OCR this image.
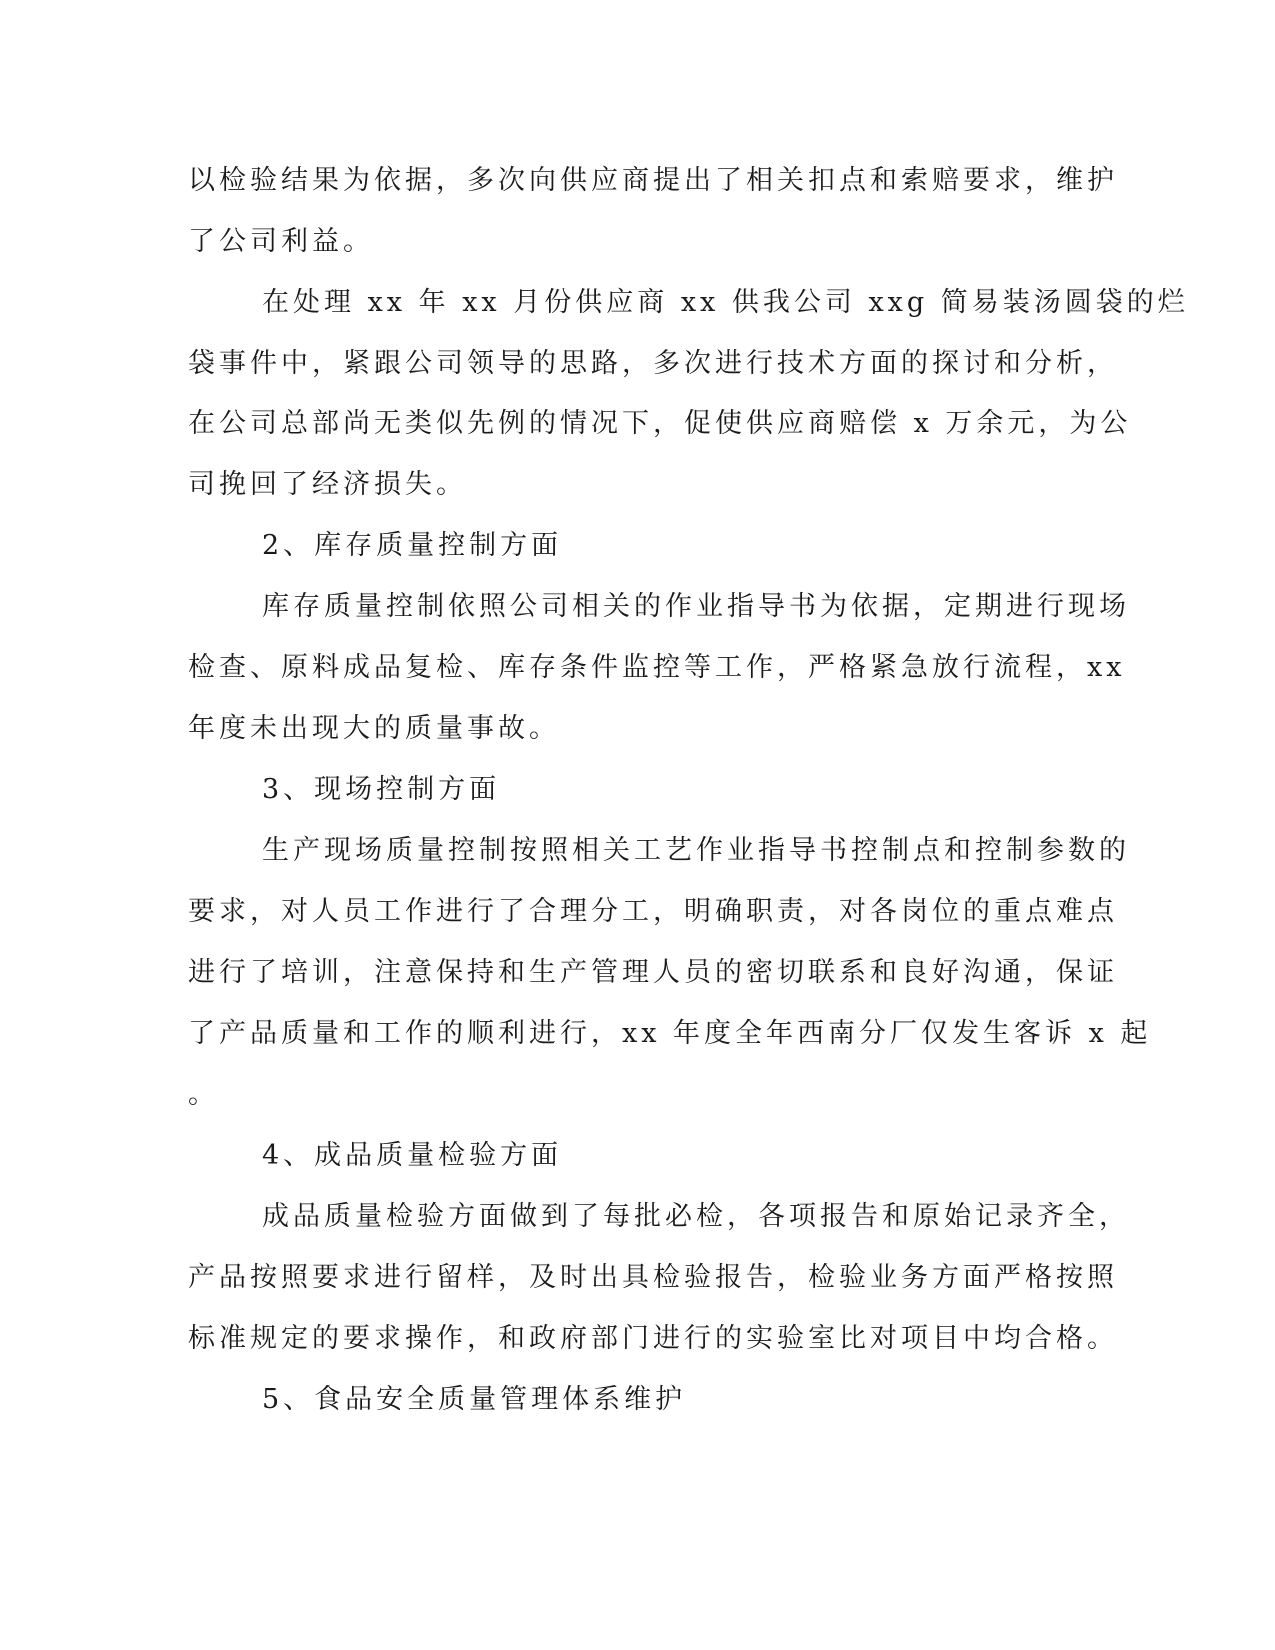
以检验结果为依据，多次向供应商提出了相关扣点和索赔要求，维护
了公司利益。
在处理 xx 年 xx 月份供应商 xx 供我公司 xxg 简易装汤圆袋的烂
袋事件中，紧跟公司领导的思路，多次进行技术方面的探讨和分析，
在公司总部尚无类似先例的情况下，促使供应商赔偿 x 万余元，为公
司挽回了经济损失。
2、库存质量控制方面
库存质量控制依照公司相关的作业指导书为依据，定期进行现场
检查、原料成品复检、库存条件监控等工作，严格紧急放行流程，xx
年度未出现大的质量事故。
3、现场控制方面
生产现场质量控制按照相关工艺作业指导书控制点和控制参数的
要求，对人员工作进行了合理分工，明确职责，对各岗位的重点难点
进行了培训，注意保持和生产管理人员的密切联系和良好沟通，保证
了产品质量和工作的顺利进行，xx 年度全年西南分厂仅发生客诉 x 起
。
4、成品质量检验方面
成品质量检验方面做到了每批必检，各项报告和原始记录齐全，
产品按照要求进行留样，及时出具检验报告，检验业务方面严格按照
标准规定的要求操作，和政府部门进行的实验室比对项目中均合格。
5、食品安全质量管理体系维护
